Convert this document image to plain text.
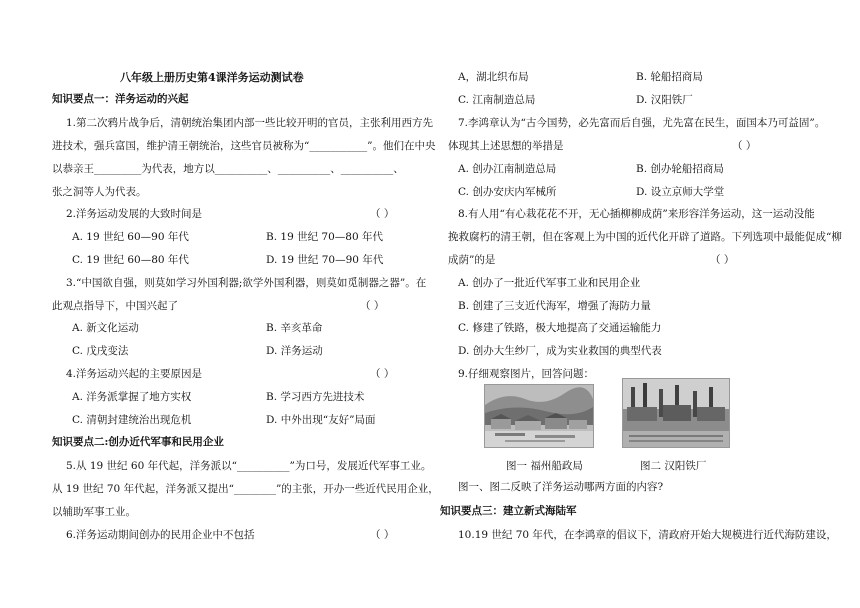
八年级上册历史第4课洋务运动测试卷
知识要点一：洋务运动的兴起
1.第二次鸦片战争后，清朝统治集团内部一些比较开明的官员，主张利用西方先
进技术，强兵富国，维护清王朝统治，这些官员被称为“___________”。他们在中央
以恭亲王_________为代表，地方以__________、__________、__________、
张之洞等人为代表。
2.洋务运动发展的大致时间是	（ ）
A. 19 世纪 60—90 年代	B. 19 世纪 70—80 年代
C. 19 世纪 60—80 年代	D. 19 世纪 70—90 年代
3.“中国欲自强，则莫如学习外国利器;欲学外国利器，则莫如觅制器之器”。在
此观点指导下，中国兴起了	（ ）
A. 新文化运动	B. 辛亥革命
C. 戊戌变法	D. 洋务运动
4.洋务运动兴起的主要原因是	（ ）
A. 洋务派掌握了地方实权	B. 学习西方先进技术
C. 清朝封建统治出现危机	D. 中外出现“友好”局面
知识要点二:创办近代军事和民用企业
5.从 19 世纪 60 年代起，洋务派以“__________”为口号，发展近代军事工业。
从 19 世纪 70 年代起，洋务派又提出“________”的主张，开办一些近代民用企业，
以辅助军事工业。
6.洋务运动期间创办的民用企业中不包括	（ ）
A，湖北织布局	B. 轮船招商局
C. 江南制造总局	D. 汉阳铁厂
7.李鸿章认为“古今国势，必先富而后自强，尤先富在民生，面国本乃可益固”。
体现其上述思想的举措是	（ ）
A. 创办江南制造总局	B. 创办轮船招商局
C. 创办安庆内军械所	D. 设立京师大学堂
8.有人用“有心栽花花不开，无心插柳柳成荫”来形容洋务运动，这一运动没能
挽救腐朽的清王朝，但在客观上为中国的近代化开辟了道路。下列选项中最能促成“柳
成荫”的是	（ ）
A. 创办了一批近代军事工业和民用企业
B. 创建了三支近代海军，增强了海防力量
C. 修建了铁路，极大地提高了交通运输能力
D. 创办大生纱厂，成为实业救国的典型代表
9.仔细观察图片，回答问题：
图一 福州船政局	图二 汉阳铁厂
图一、图二反映了洋务运动哪两方面的内容?
知识要点三：建立新式海陆军
10.19 世纪 70 年代，在李鸿章的倡议下，清政府开始大规模进行近代海防建设，
